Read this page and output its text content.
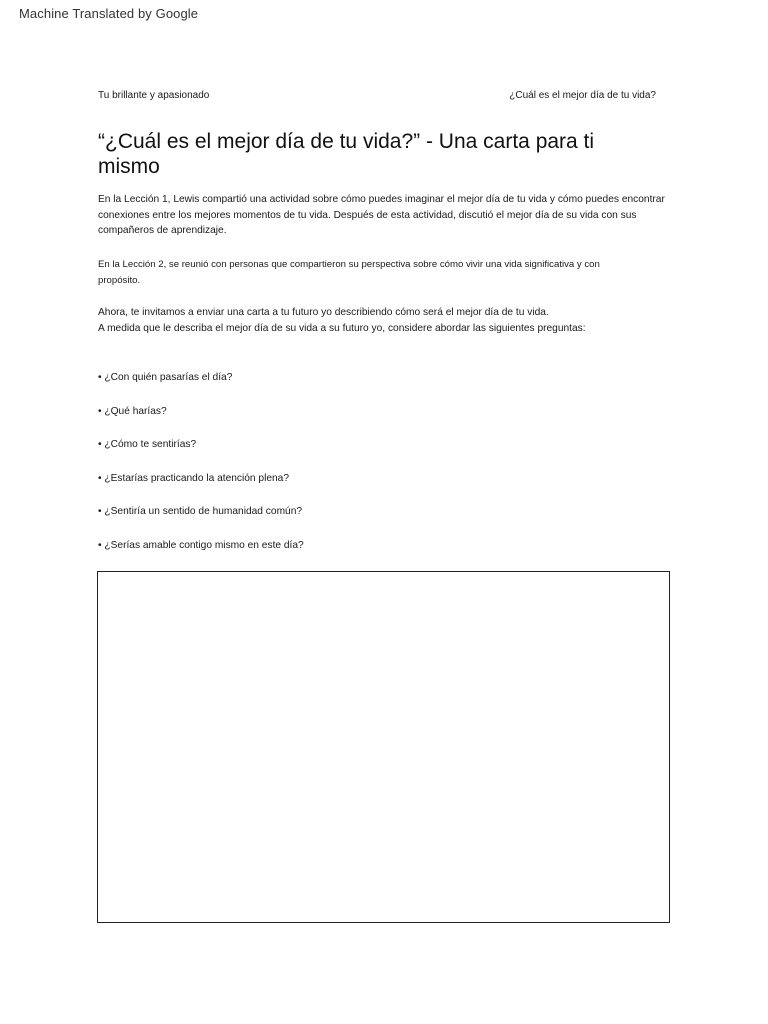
Machine Translated by Google
Tu brillante y apasionado	¿Cuál es el mejor día de tu vida?
“¿Cuál es el mejor día de tu vida?” - Una carta para ti mismo

En la Lección 1, Lewis compartió una actividad sobre cómo puedes imaginar el mejor día de tu vida y cómo puedes encontrar conexiones entre los mejores momentos de tu vida. Después de esta actividad, discutió el mejor día de su vida con sus compañeros de aprendizaje.

En la Lección 2, se reunió con personas que compartieron su perspectiva sobre cómo vivir una vida significativa y con propósito.

Ahora, te invitamos a enviar una carta a tu futuro yo describiendo cómo será el mejor día de tu vida.
A medida que le describa el mejor día de su vida a su futuro yo, considere abordar las siguientes preguntas:

• ¿Con quién pasarías el día?
• ¿Qué harías?
• ¿Cómo te sentirías?
• ¿Estarías practicando la atención plena?
• ¿Sentiría un sentido de humanidad común?
• ¿Serías amable contigo mismo en este día?
